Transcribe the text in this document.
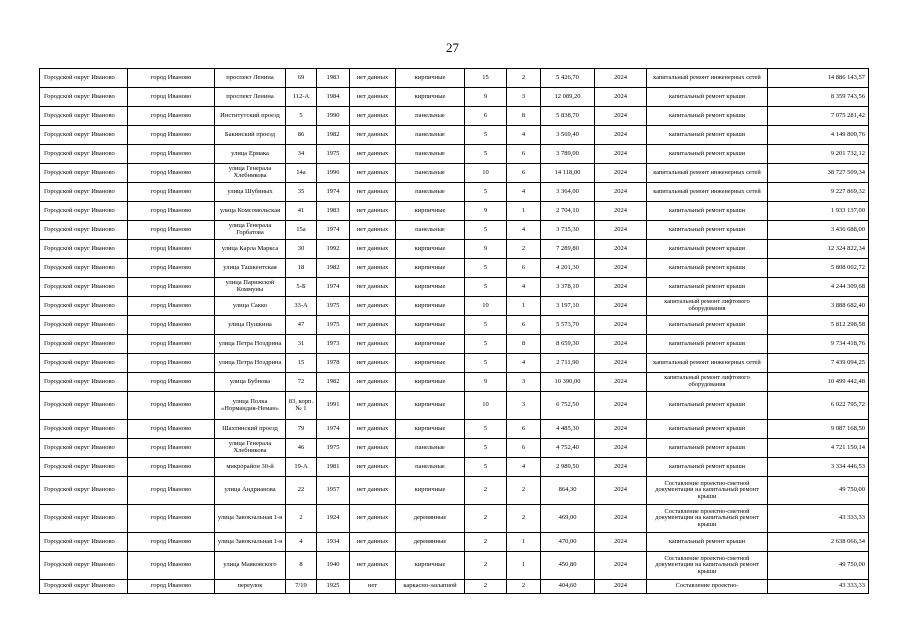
27
Городской округ Иваново	город Иваново	проспект Ленина	69	1983	нет данных	кирпичные	15	2	5 426,70	2024	капитальный ремонт инженерных сетей	14 886 143,57
Городской округ Иваново	город Иваново	проспект Ленина	112-А	1984	нет данных	кирпичные	9	3	12 089,20	2024	капитальный ремонт крыши	8 359 743,56
Городской округ Иваново	город Иваново	Институтский проезд	5	1990	нет данных	панельные	6	8	5 838,70	2024	капитальный ремонт крыши	7 075 281,42
Городской округ Иваново	город Иваново	Бакинский проезд	86	1982	нет данных	панельные	5	4	3 569,40	2024	капитальный ремонт крыши	4 149 800,76
Городской округ Иваново	город Иваново	улица Ермака	34	1975	нет данных	панельные	5	6	3 789,00	2024	капитальный ремонт крыши	9 201 732,12
Городской округ Иваново	город Иваново	улица Генерала Хлебникова	14а	1996	нет данных	панельные	10	6	14 118,00	2024	капитальный ремонт инженерных сетей	38 727 509,34
Городской округ Иваново	город Иваново	улица Шубиных	35	1974	нет данных	панельные	5	4	3 364,00	2024	капитальный ремонт инженерных сетей	9 227 869,32
Городской округ Иваново	город Иваново	улица Комсомольская	41	1983	нет данных	кирпичные	9	1	2 704,10	2024	капитальный ремонт крыши	1 933 137,00
Городской округ Иваново	город Иваново	улица Генерала Горбатова	15а	1974	нет данных	панельные	5	4	3 735,30	2024	капитальный ремонт крыши	3 436 688,00
Городской округ Иваново	город Иваново	улица Карла Маркса	30	1992	нет данных	кирпичные	9	2	7 289,80	2024	капитальный ремонт крыши	12 324 822,34
Городской округ Иваново	город Иваново	улица Ташкентская	18	1982	нет данных	кирпичные	5	6	4 201,30	2024	капитальный ремонт крыши	5 808 002,72
Городской округ Иваново	город Иваново	улица Парижской Коммуны	5-Б	1974	нет данных	кирпичные	5	4	3 378,10	2024	капитальный ремонт крыши	4 244 309,68
Городской округ Иваново	город Иваново	улица Сакко	33-А	1975	нет данных	кирпичные	10	1	3 197,10	2024	капитальный ремонт лифтового оборудования	3 888 682,40
Городской округ Иваново	город Иваново	улица Пушкина	47	1975	нет данных	кирпичные	5	6	5 573,70	2024	капитальный ремонт крыши	5 812 298,58
Городской округ Иваново	город Иваново	улица Петра Ноздрина	31	1973	нет данных	кирпичные	5	8	8 659,30	2024	капитальный ремонт крыши	9 734 418,76
Городской округ Иваново	город Иваново	улица Петра Ноздрина	15	1978	нет данных	кирпичные	5	4	2 711,90	2024	капитальный ремонт инженерных сетей	7 439 094,25
Городской округ Иваново	город Иваново	улица Бубнова	72	1982	нет данных	кирпичные	9	3	10 390,00	2024	капитальный ремонт лифтового оборудования	10 499 442,48
Городской округ Иваново	город Иваново	улица Полка «Нормандия-Неман»	83, корп. № 1	1991	нет данных	кирпичные	10	3	6 752,50	2024	капитальный ремонт крыши	6 022 795,72
Городской округ Иваново	город Иваново	Шахтинский проезд	79	1974	нет данных	кирпичные	5	6	4 485,30	2024	капитальный ремонт крыши	9 087 168,50
Городской округ Иваново	город Иваново	улица Генерала Хлебникова	46	1975	нет данных	панельные	5	6	4 752,40	2024	капитальный ремонт крыши	4 721 150,14
Городской округ Иваново	город Иваново	микрорайон 30-й	19-А	1981	нет данных	панельные	5	4	2 989,50	2024	капитальный ремонт крыши	3 334 446,53
Городской округ Иваново	город Иваново	улица Андрианова	22	1957	нет данных	кирпичные	2	2	864,30	2024	Составление проектно-сметной документации на капитальный ремонт крыши	49 750,00
Городской округ Иваново	город Иваново	улица Завокзальная 1-я	2	1924	нет данных	деревянные	2	2	469,00	2024	Составление проектно-сметной документации на капитальный ремонт крыши	43 333,33
Городской округ Иваново	город Иваново	улица Завокзальная 1-я	4	1934	нет данных	деревянные	2	1	470,00	2024	капитальный ремонт крыши	2 638 066,34
Городской округ Иваново	город Иваново	улица Маяковского	8	1940	нет данных	кирпичные	2	1	450,80	2024	Составление проектно-сметной документации на капитальный ремонт крыши	49 750,00
Городской округ Иваново	город Иваново	переулок	7/19	1925	нет	каркасно-засыпной	2	2	404,60	2024	Составление проектно-	43 333,33
